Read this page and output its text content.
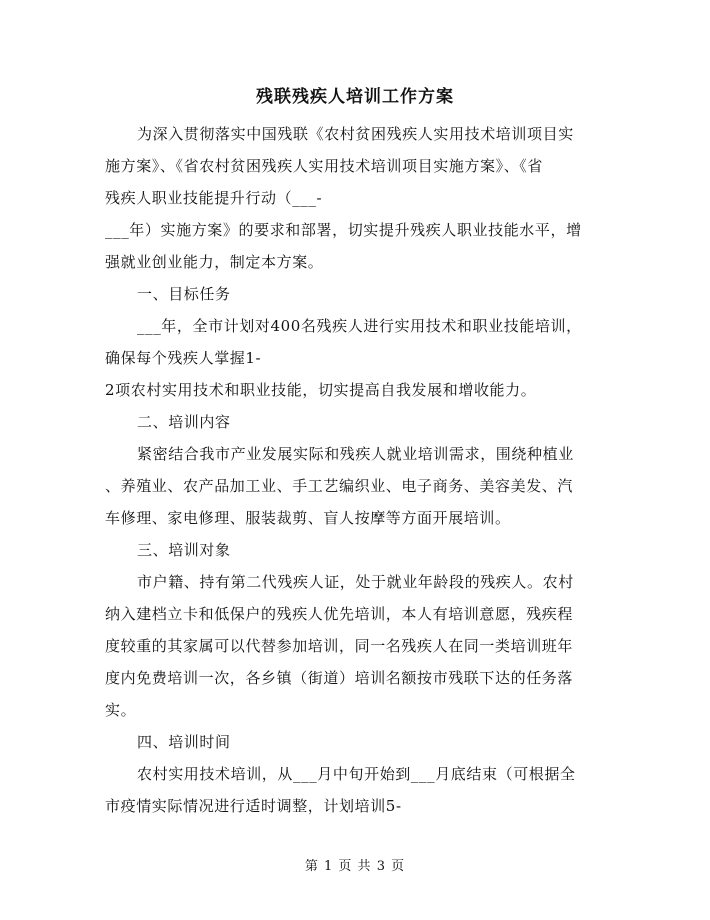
残联残疾人培训工作方案
为深入贯彻落实中国残联《农村贫困残疾人实用技术培训项目实
施方案》、《省农村贫困残疾人实用技术培训项目实施方案》、《省
残疾人职业技能提升行动（___-
___年）实施方案》的要求和部署，切实提升残疾人职业技能水平，增
强就业创业能力，制定本方案。
一、目标任务
___年，全市计划对400名残疾人进行实用技术和职业技能培训，
确保每个残疾人掌握1-
2项农村实用技术和职业技能，切实提高自我发展和增收能力。
二、培训内容
紧密结合我市产业发展实际和残疾人就业培训需求，围绕种植业
、养殖业、农产品加工业、手工艺编织业、电子商务、美容美发、汽
车修理、家电修理、服装裁剪、盲人按摩等方面开展培训。
三、培训对象
市户籍、持有第二代残疾人证，处于就业年龄段的残疾人。农村
纳入建档立卡和低保户的残疾人优先培训，本人有培训意愿，残疾程
度较重的其家属可以代替参加培训，同一名残疾人在同一类培训班年
度内免费培训一次，各乡镇（街道）培训名额按市残联下达的任务落
实。
四、培训时间
农村实用技术培训，从___月中旬开始到___月底结束（可根据全
市疫情实际情况进行适时调整，计划培训5-
第 1 页 共 3 页
